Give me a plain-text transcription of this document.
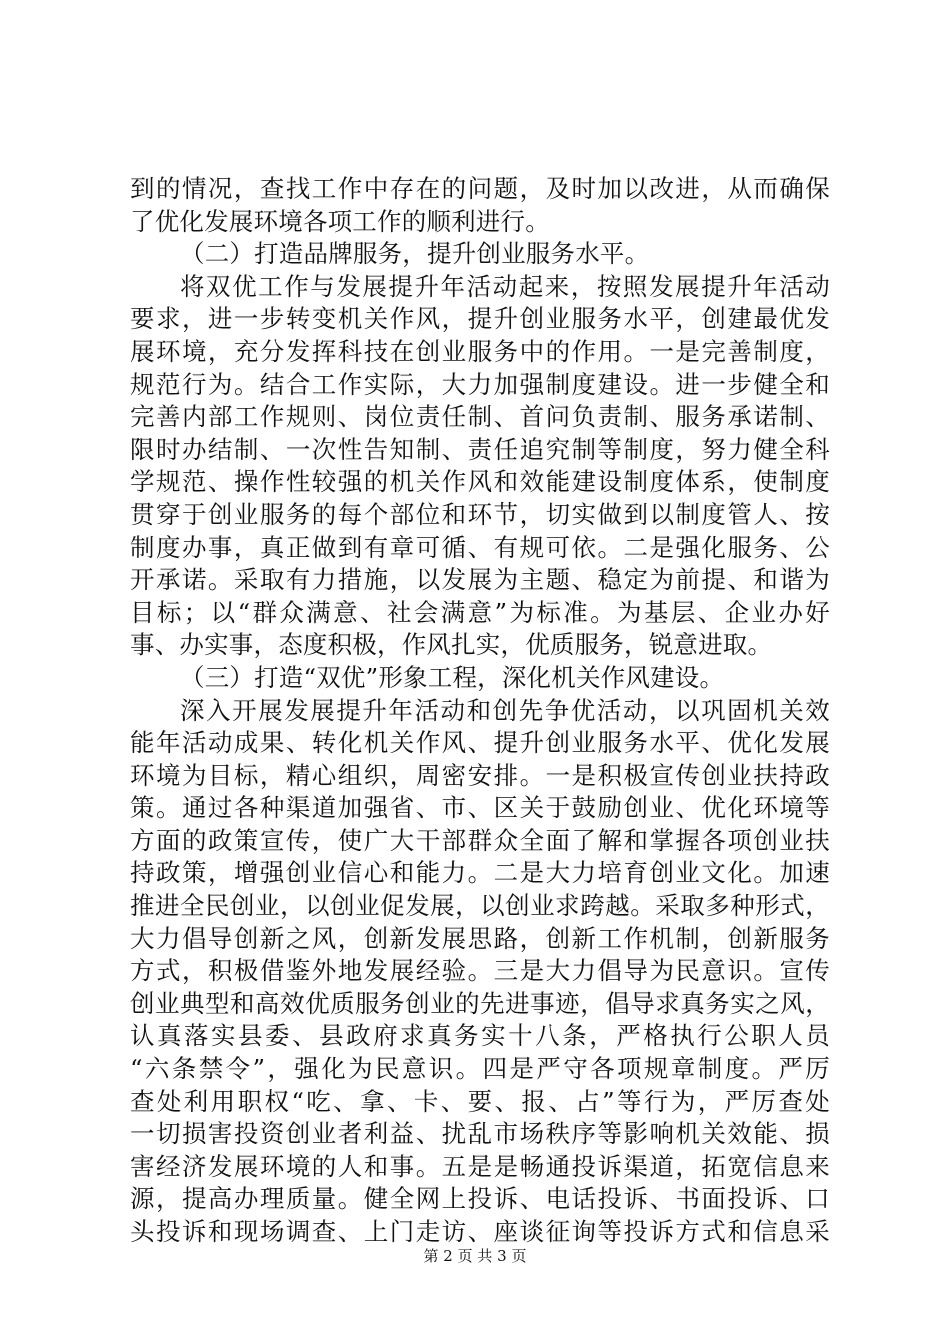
到的情况，查找工作中存在的问题，及时加以改进，从而确保
了优化发展环境各项工作的顺利进行。
（二）打造品牌服务，提升创业服务水平。
将双优工作与发展提升年活动起来，按照发展提升年活动
要求，进一步转变机关作风，提升创业服务水平，创建最优发
展环境，充分发挥科技在创业服务中的作用。一是完善制度，
规范行为。结合工作实际，大力加强制度建设。进一步健全和
完善内部工作规则、岗位责任制、首问负责制、服务承诺制、
限时办结制、一次性告知制、责任追究制等制度，努力健全科
学规范、操作性较强的机关作风和效能建设制度体系，使制度
贯穿于创业服务的每个部位和环节，切实做到以制度管人、按
制度办事，真正做到有章可循、有规可依。二是强化服务、公
开承诺。采取有力措施，以发展为主题、稳定为前提、和谐为
目标；以“群众满意、社会满意”为标准。为基层、企业办好
事、办实事，态度积极，作风扎实，优质服务，锐意进取。
（三）打造“双优”形象工程，深化机关作风建设。
深入开展发展提升年活动和创先争优活动，以巩固机关效
能年活动成果、转化机关作风、提升创业服务水平、优化发展
环境为目标，精心组织，周密安排。一是积极宣传创业扶持政
策。通过各种渠道加强省、市、区关于鼓励创业、优化环境等
方面的政策宣传，使广大干部群众全面了解和掌握各项创业扶
持政策，增强创业信心和能力。二是大力培育创业文化。加速
推进全民创业，以创业促发展，以创业求跨越。采取多种形式，
大力倡导创新之风，创新发展思路，创新工作机制，创新服务
方式，积极借鉴外地发展经验。三是大力倡导为民意识。宣传
创业典型和高效优质服务创业的先进事迹，倡导求真务实之风，
认真落实县委、县政府求真务实十八条，严格执行公职人员
“六条禁令”，强化为民意识。四是严守各项规章制度。严厉
查处利用职权“吃、拿、卡、要、报、占”等行为，严厉查处
一切损害投资创业者利益、扰乱市场秩序等影响机关效能、损
害经济发展环境的人和事。五是是畅通投诉渠道，拓宽信息来
源，提高办理质量。健全网上投诉、电话投诉、书面投诉、口
头投诉和现场调查、上门走访、座谈征询等投诉方式和信息采
第 2 页 共 3 页
